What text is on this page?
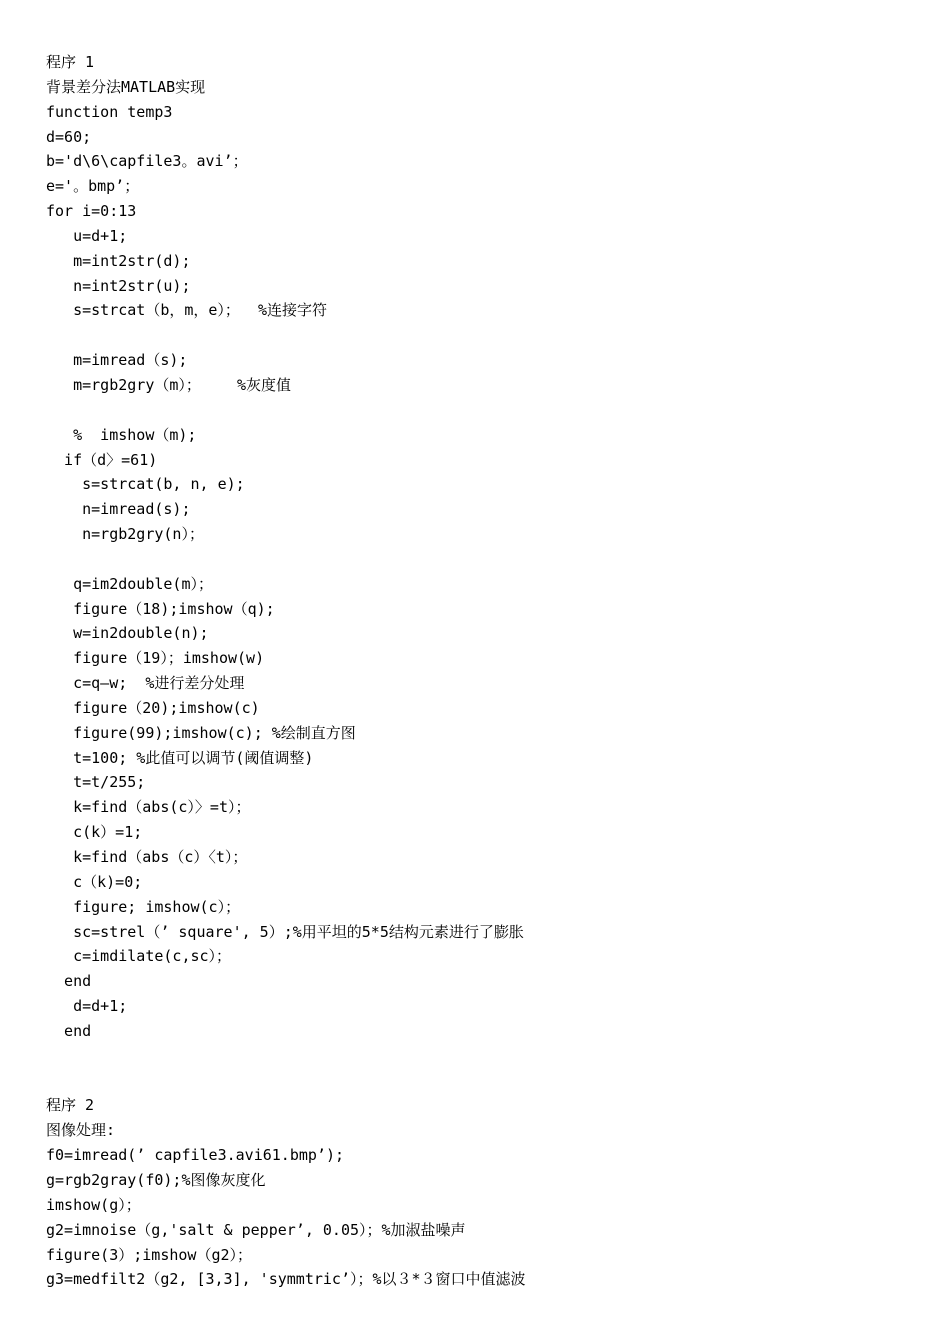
程序 1
背景差分法MATLAB实现
function temp3
d=60;
b='d\6\capfile3。avi’；
e='。bmp’；
for i=0:13
u=d+1;
m=int2str(d);
n=int2str(u);
s=strcat（b，m，e）；  %连接字符
m=imread（s);
m=rgb2gry（m）；    %灰度值
%  imshow（m);
if（d〉=61)
s=strcat(b, n, e);
n=imread(s);
n=rgb2gry(n）；
q=im2double(m）；
figure（18);imshow（q);
w=in2double(n);
figure（19）；imshow(w)
c=q—w;  %进行差分处理
figure（20);imshow(c)
figure(99);imshow(c); %绘制直方图
t=100; %此值可以调节(阈值调整)
t=t/255;
k=find（abs(c）〉=t）；
c(k）=1;
k=find（abs（c）〈t）；
c（k)=0;
figure; imshow(c）；
sc=strel（’ square', 5）;%用平坦的5*5结构元素进行了膨胀
c=imdilate(c,sc）；
end
d=d+1;
end
程序 2
图像处理:
f0=imread(’ capfile3.avi61.bmp’);
g=rgb2gray(f0);%图像灰度化
imshow(g）；
g2=imnoise（g,'salt & pepper’, 0.05）；%加淑盐噪声
figure(3）;imshow（g2）；
g3=medfilt2（g2, [3,3], 'symmtric’）；%以３*３窗口中值滤波
